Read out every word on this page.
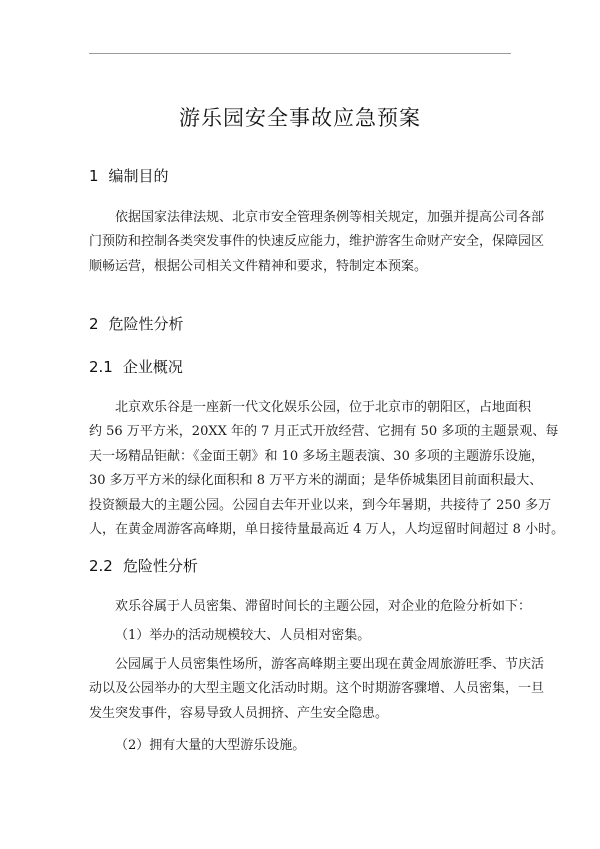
游乐园安全事故应急预案
1 编制目的
依据国家法律法规、北京市安全管理条例等相关规定，加强并提高公司各部
门预防和控制各类突发事件的快速反应能力，维护游客生命财产安全，保障园区
顺畅运营，根据公司相关文件精神和要求，特制定本预案。
2 危险性分析
2.1 企业概况
北京欢乐谷是一座新一代文化娱乐公园，位于北京市的朝阳区，占地面积
约 56 万平方米，20XX 年的 7 月正式开放经营、它拥有 50 多项的主题景观、每
天一场精品钜献：《金面王朝》和 10 多场主题表演、30 多项的主题游乐设施，
30 多万平方米的绿化面积和 8 万平方米的湖面；是华侨城集团目前面积最大、
投资额最大的主题公园。公园自去年开业以来，到今年暑期，共接待了 250 多万
人，在黄金周游客高峰期，单日接待量最高近 4 万人，人均逗留时间超过 8 小时。
2.2 危险性分析

欢乐谷属于人员密集、滞留时间长的主题公园，对企业的危险分析如下：

（1）举办的活动规模较大、人员相对密集。

公园属于人员密集性场所，游客高峰期主要出现在黄金周旅游旺季、节庆活
动以及公园举办的大型主题文化活动时期。这个时期游客骤增、人员密集，一旦
发生突发事件，容易导致人员拥挤、产生安全隐患。

（2）拥有大量的大型游乐设施。
